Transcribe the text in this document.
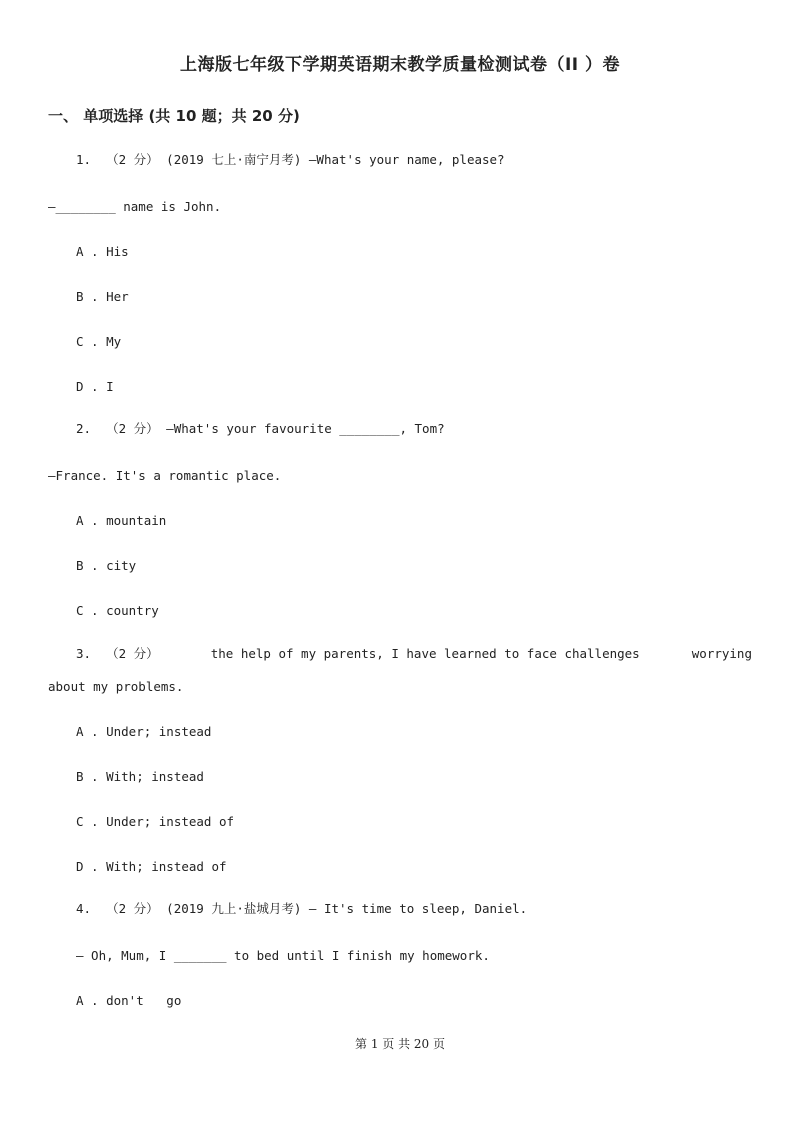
上海版七年级下学期英语期末教学质量检测试卷（II ）卷
一、 单项选择 (共 10 题；共 20 分)
1.  （2 分） (2019 七上·南宁月考) —What's your name, please?
—________ name is John.
A . His
B . Her
C . My
D . I
2.  （2 分） —What's your favourite ________, Tom?
—France. It's a romantic place.
A . mountain
B . city
C . country
3.  （2 分）	the help of my parents, I have learned to face challenges	worrying
about my problems.
A . Under; instead
B . With; instead
C . Under; instead of
D . With; instead of
4.  （2 分） (2019 九上·盐城月考) — It's time to sleep, Daniel.
— Oh, Mum, I _______ to bed until I finish my homework.
A . don't   go
第 1 页 共 20 页
